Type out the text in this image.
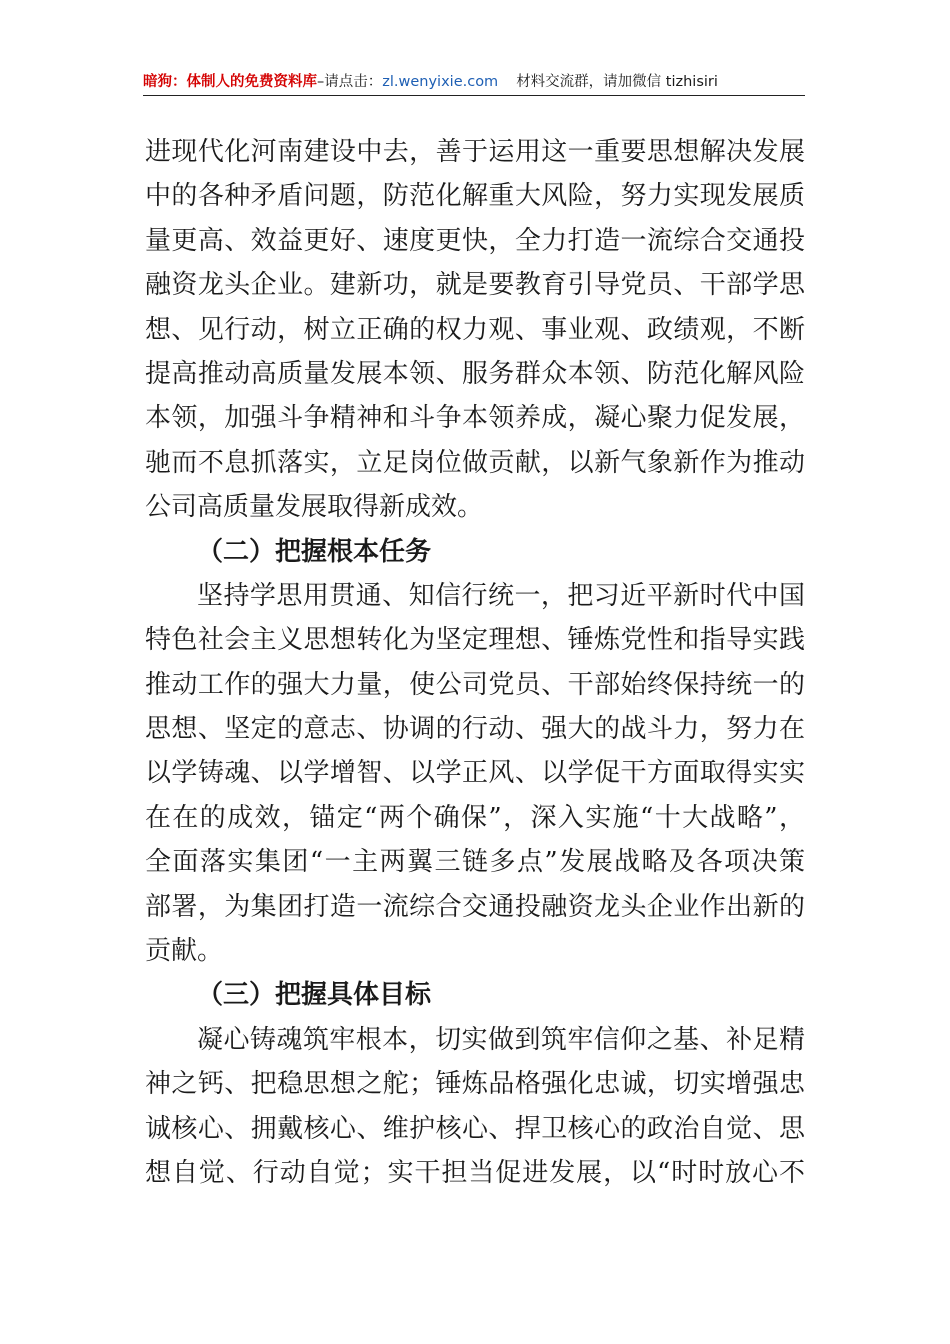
暗狗：体制人的免费资料库–请点击：zl.wenyixie.com 材料交流群，请加微信 tizhisiri
进现代化河南建设中去，善于运用这一重要思想解决发展
中的各种矛盾问题，防范化解重大风险，努力实现发展质
量更高、效益更好、速度更快，全力打造一流综合交通投
融资龙头企业。建新功，就是要教育引导党员、干部学思
想、见行动，树立正确的权力观、事业观、政绩观，不断
提高推动高质量发展本领、服务群众本领、防范化解风险
本领，加强斗争精神和斗争本领养成，凝心聚力促发展，
驰而不息抓落实，立足岗位做贡献，以新气象新作为推动
公司高质量发展取得新成效。
（二）把握根本任务
坚持学思用贯通、知信行统一，把习近平新时代中国
特色社会主义思想转化为坚定理想、锤炼党性和指导实践
推动工作的强大力量，使公司党员、干部始终保持统一的
思想、坚定的意志、协调的行动、强大的战斗力，努力在
以学铸魂、以学增智、以学正风、以学促干方面取得实实
在在的成效，锚定“两个确保”，深入实施“十大战略”，
全面落实集团“一主两翼三链多点”发展战略及各项决策
部署，为集团打造一流综合交通投融资龙头企业作出新的
贡献。
（三）把握具体目标
凝心铸魂筑牢根本，切实做到筑牢信仰之基、补足精
神之钙、把稳思想之舵；锤炼品格强化忠诚，切实增强忠
诚核心、拥戴核心、维护核心、捍卫核心的政治自觉、思
想自觉、行动自觉；实干担当促进发展，以“时时放心不
